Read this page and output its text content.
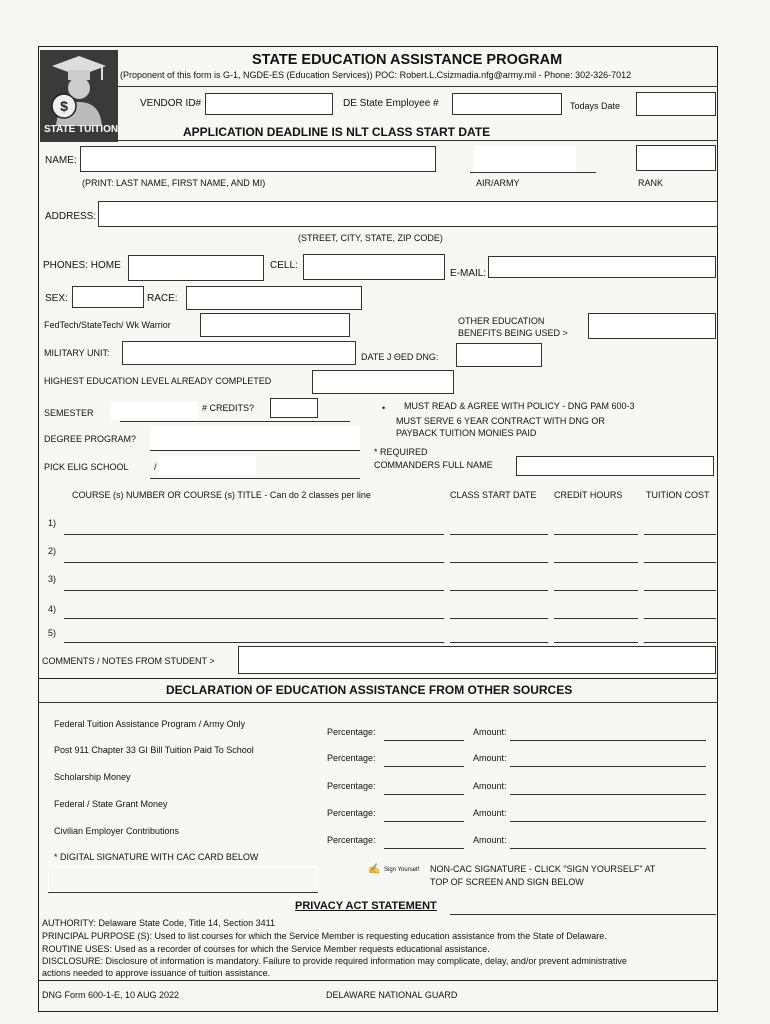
$
STATE TUITION
STATE EDUCATION ASSISTANCE PROGRAM
(Proponent of this form is G-1, NGDE-ES (Education Services)) POC: Robert.L.Csizmadia.nfg@army.mil - Phone: 302-326-7012
VENDOR ID#	DE State Employee #	Todays Date
APPLICATION DEADLINE IS NLT CLASS START DATE
NAME:
(PRINT: LAST NAME, FIRST NAME, AND MI)	AIR/ARMY	RANK
ADDRESS:
(STREET, CITY, STATE, ZIP CODE)
PHONES: HOME	CELL:
E-MAIL:
SEX:	RACE:
FedTech/StateTech/ Wk Warrior	OTHER EDUCATION
BENEFITS BEING USED >
MILITARY UNIT:	DATE J ΘED DNG:
HIGHEST EDUCATION LEVEL ALREADY COMPLETED
SEMESTER	# CREDITS?	• MUST READ & AGREE WITH POLICY - DNG PAM 600-3
MUST SERVE 6 YEAR CONTRACT WITH DNG OR
PAYBACK TUITION MONIES PAID
DEGREE PROGRAM?
* REQUIRED
COMMANDERS FULL NAME
PICK ELIG SCHOOL	/
COURSE (s) NUMBER OR COURSE (s) TITLE - Can do 2 classes per line	CLASS START DATE CREDIT HOURS	TUITION COST
1)
2)
3)
4)
5)
COMMENTS / NOTES FROM STUDENT >
DECLARATION OF EDUCATION ASSISTANCE FROM OTHER SOURCES
Federal Tuition Assistance Program / Army Only
Percentage:	Amount:
Post 911 Chapter 33 GI Bill Tuition Paid To School
Percentage:	Amount:
Scholarship Money
Percentage:	Amount:
Federal / State Grant Money
Percentage:	Amount:
Civilian Employer Contributions
Percentage:	Amount:
* DIGITAL SIGNATURE WITH CAC CARD BELOW
✍ Sign Yourself NON-CAC SIGNATURE - CLICK "SIGN YOURSELF" AT
TOP OF SCREEN AND SIGN BELOW
PRIVACY ACT STATEMENT
AUTHORITY: Delaware State Code, Title 14, Section 3411
PRINCIPAL PURPOSE (S): Used to list courses for which the Service Member is requesting education assistance from the State of Delaware.
ROUTINE USES: Used as a recorder of courses for which the Service Member requests educational assistance.
DISCLOSURE: Disclosure of information is mandatory. Failure to provide required information may complicate, delay, and/or prevent administrative
actions needed to approve issuance of tuition assistance.
DNG Form 600-1-E, 10 AUG 2022	DELAWARE NATIONAL GUARD
